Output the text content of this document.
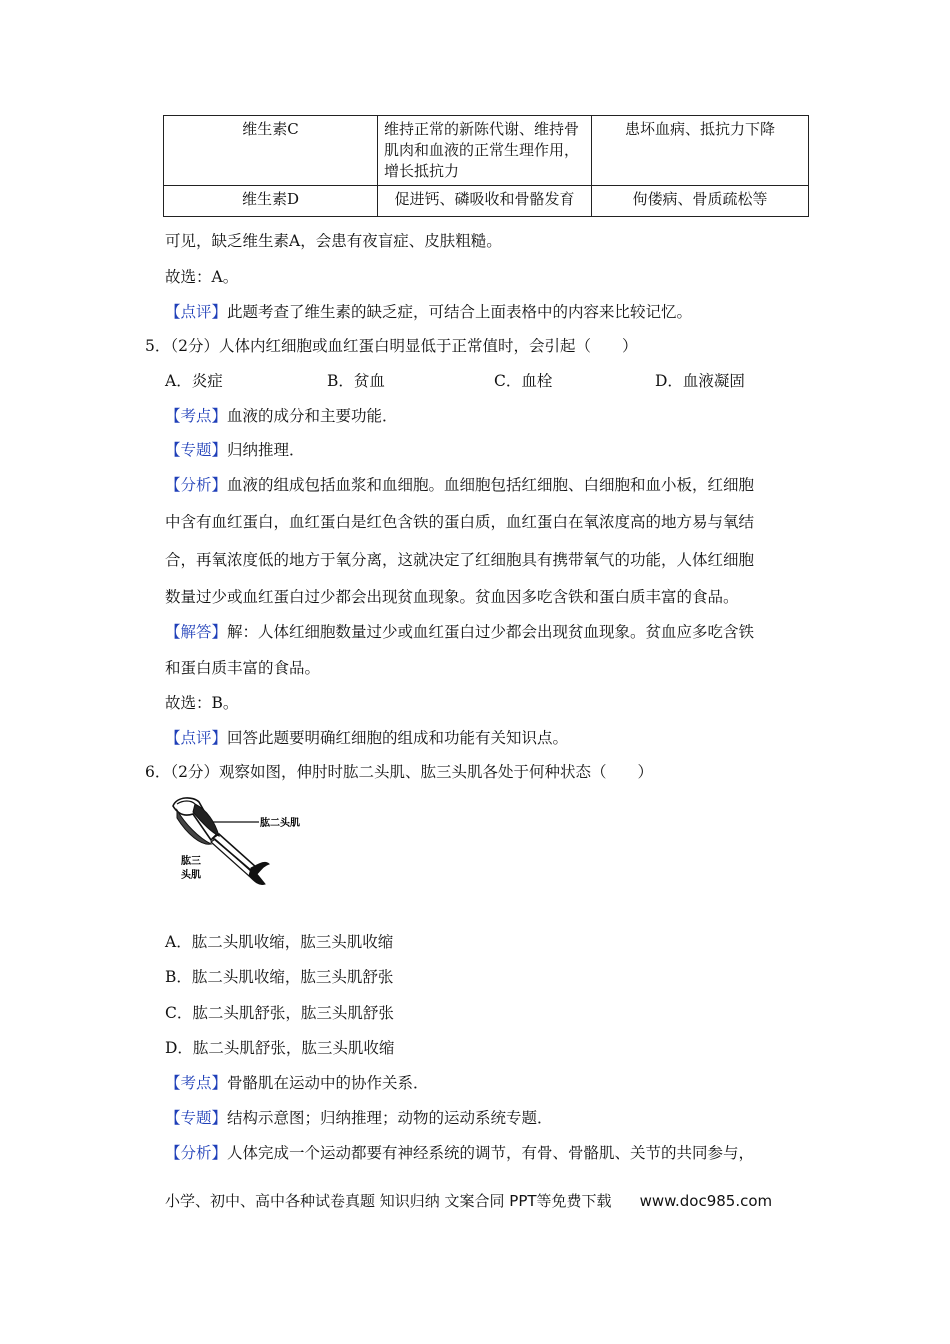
维生素C	维持正常的新陈代谢、维持骨肌肉和血液的正常生理作用，增长抵抗力	患坏血病、抵抗力下降
维生素D	促进钙、磷吸收和骨骼发育	佝偻病、骨质疏松等
可见，缺乏维生素A，会患有夜盲症、皮肤粗糙。
故选：A。
【点评】此题考查了维生素的缺乏症，可结合上面表格中的内容来比较记忆。
5．（2分）人体内红细胞或血红蛋白明显低于正常值时，会引起（　　）
A．炎症	B．贫血	C．血栓	D．血液凝固
【考点】血液的成分和主要功能．
【专题】归纳推理．
【分析】血液的组成包括血浆和血细胞。血细胞包括红细胞、白细胞和血小板，红细胞
中含有血红蛋白，血红蛋白是红色含铁的蛋白质，血红蛋白在氧浓度高的地方易与氧结
合，再氧浓度低的地方于氧分离，这就决定了红细胞具有携带氧气的功能，人体红细胞
数量过少或血红蛋白过少都会出现贫血现象。贫血因多吃含铁和蛋白质丰富的食品。
【解答】解：人体红细胞数量过少或血红蛋白过少都会出现贫血现象。贫血应多吃含铁
和蛋白质丰富的食品。
故选：B。
【点评】回答此题要明确红细胞的组成和功能有关知识点。
6．（2分）观察如图，伸肘时肱二头肌、肱三头肌各处于何种状态（　　）
肱二头肌
肱三
头肌
A．肱二头肌收缩，肱三头肌收缩
B．肱二头肌收缩，肱三头肌舒张
C．肱二头肌舒张，肱三头肌舒张
D．肱二头肌舒张，肱三头肌收缩
【考点】骨骼肌在运动中的协作关系．
【专题】结构示意图；归纳推理；动物的运动系统专题．
【分析】人体完成一个运动都要有神经系统的调节，有骨、骨骼肌、关节的共同参与，
小学、初中、高中各种试卷真题 知识归纳 文案合同 PPT等免费下载 www.doc985.com
